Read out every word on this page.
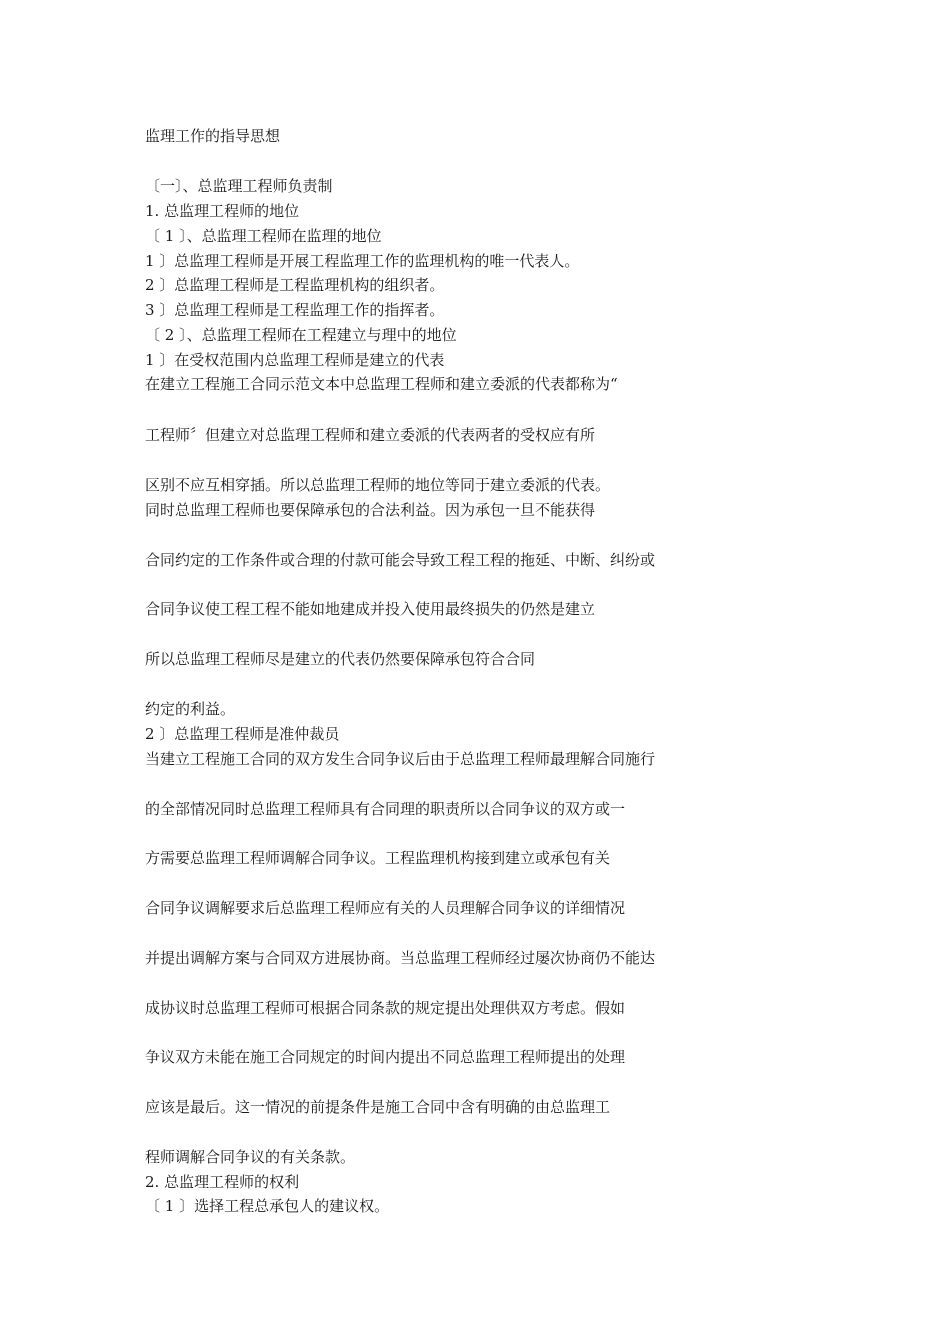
监理工作的指导思想
〔一〕、总监理工程师负责制
1. 总监理工程师的地位
〔 1 〕、总监理工程师在监理的地位
1 〕总监理工程师是开展工程监理工作的监理机构的唯一代表人。
2 〕总监理工程师是工程监理机构的组织者。
3 〕总监理工程师是工程监理工作的指挥者。
〔 2 〕、总监理工程师在工程建立与理中的地位
1 〕在受权范围内总监理工程师是建立的代表
在建立工程施工合同示范文本中总监理工程师和建立委派的代表都称为“
工程师〞但建立对总监理工程师和建立委派的代表两者的受权应有所
区别不应互相穿插。所以总监理工程师的地位等同于建立委派的代表。
同时总监理工程师也要保障承包的合法利益。因为承包一旦不能获得
合同约定的工作条件或合理的付款可能会导致工程工程的拖延、中断、纠纷或
合同争议使工程工程不能如地建成并投入使用最终损失的仍然是建立
所以总监理工程师尽是建立的代表仍然要保障承包符合合同
约定的利益。
2 〕总监理工程师是准仲裁员
当建立工程施工合同的双方发生合同争议后由于总监理工程师最理解合同施行
的全部情况同时总监理工程师具有合同理的职责所以合同争议的双方或一
方需要总监理工程师调解合同争议。工程监理机构接到建立或承包有关
合同争议调解要求后总监理工程师应有关的人员理解合同争议的详细情况
并提出调解方案与合同双方进展协商。当总监理工程师经过屡次协商仍不能达
成协议时总监理工程师可根据合同条款的规定提出处理供双方考虑。假如
争议双方未能在施工合同规定的时间内提出不同总监理工程师提出的处理
应该是最后。这一情况的前提条件是施工合同中含有明确的由总监理工
程师调解合同争议的有关条款。
2. 总监理工程师的权利
〔 1 〕选择工程总承包人的建议权。
